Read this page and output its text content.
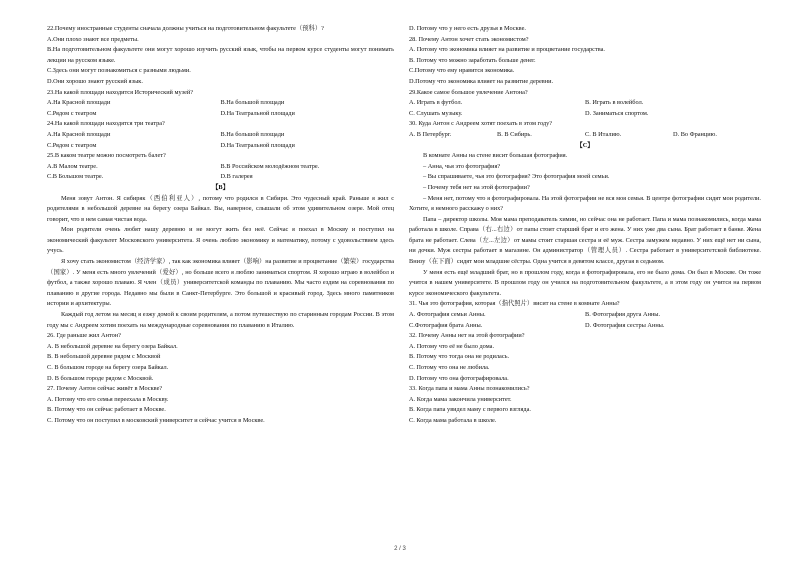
22.Почему иностранные студенты сначала должны учиться на подготовительном факультете（预科）?
A.Они плохо знают все предметы.
B.На подготовительном факультете они могут хорошо изучить русский язык, чтобы на первом курсе студенты могут понимать лекции на русском языке.
C.Здесь они могут познакомиться с разными людьми.
D.Они хорошо знают русский язык.
23.На какой площади находится Исторический музей?
A.На Красной площади	B.На большой площади
C.Рядом с театром	D.На Театральной площади
24.На какой площади находятся три театра?
A.На Красной площади	B.На большой площади
C.Рядом с театром	D.На Театральной площади
25.В каком театре можно посмотреть балет?
A.В Малом театре.	B.В Российском молодёжном театре.
C.В Большом театре.	D.В галерея
【B】
Меня зовут Антон. Я сибиряк（西伯利亚人）, потому что родился в Сибири. Это чудесный край. Раньше я жил с родителями в небольшой деревне на берегу озера Байкал. Вы, наверное, слышали об этом удивительном озере. Мой отец говорит, что в нем самая чистая вода.
Мои родители очень любят нашу деревню и не могут жить без неё. Сейчас я поехал в Москву и поступил на экономический факультет Московского университета. Я очень люблю экономику и математику, потому с удовольствием здесь учусь.
Я хочу стать экономистом（经济学家）, так как экономика влияет（影响）на развитие и процветание（繁荣）государства（国家）. У меня есть много увлечений（爱好）, но больше всего я люблю заниматься спортом. Я хорошо играю в волейбол и футбол, а также хорошо плаваю. Я член（成员）университетской команды по плаванию. Мы часто ездим на соревнования по плаванию в другие города. Недавно мы были в Санкт-Петербурге. Это большой и красивый город. Здесь много памятников истории и архитектуры.
Каждый год летом на месяц я езжу домой к своим родителям, а потом путешествую по старинным городам России. В этом году мы с Андреем хотим поехать на международные соревнования по плаванию в Италию.
26. Где раньше жил Антон?
A. В небольшой деревне на берегу озера Байкал.
B. В небольшой деревне рядом с Москвой
C. В большом городе на берегу озера Байкал.
D. В большом городе рядом с Москвой.
27. Почему Антон сейчас живёт в Москве?
A. Потому что его семья переехала в Москву.
B. Потому что он сейчас работает в Москве.
C. Потому что он поступил в московский университет и сейчас учится в Москве.
D. Потому что у него есть друзья в Москве.
28. Почему Антон хочет стать экономистом?
A. Потому что экономика влияет на развитие и процветание государства.
B. Потому что можно заработать больше денег.
C.Потому что ему нравится экономика.
D.Потому что экономика влияет на развитие деревни.
29.Какое самое большое увлечение Антона?
A. Играть в футбол.	B. Играть в волейбол.
C. Слушать музыку.	D. Заниматься спортом.
30. Куда Антон с Андреем хотят поехать в этом году?
A. В Петербург.	B. В Сибирь.	C. В Италию.	D. Во Францию.
【C】
В комнате Анны на стене висит большая фотография.
– Анна, чья это фотография?
– Вы спрашиваете, чья это фотография? Это фотография моей семьи.
– Почему тебя нет на этой фотографии?
– Меня нет, потому что я фотографировала. На этой фотографии не вся моя семья. В центре фотографии сидят мои родители. Хотите, я немного расскажу о них?
Папа – директор школы. Моя мама преподаватель химии, но сейчас она не работает. Папа и мама познакомились, когда мама работала в школе. Справа（右...右边）от папы стоит старший брат и его жена. У них уже два сына. Брат работает в банке. Жена брата не работает. Слева（左...左边）от мамы стоит старшая сестра и её муж. Сестра замужем недавно. У них ещё нет ни сына, ни дочки. Муж сестры работает в магазине. Он администратор（管理人员）. Сестра работает в университетской библиотеке. Внизу（在下面）сидят мои младшие сёстры. Одна учится в девятом классе, другая в седьмом.
У меня есть ещё младший брат, но в прошлом году, когда я фотографировала, его не было дома. Он был в Москве. Он тоже учится в нашем университете. В прошлом году он учился на подготовительном факультете, а в этом году он учится на первом курсе экономического факультета.
31. Чья это фотография, которая（指代照片）висит на стене в комнате Анны?
A. Фотография семьи Анны.	B. Фотография друга Анны.
C.Фотография брата Анны.	D. Фотография сестры Анны.
32. Почему Анны нет на этой фотографии?
A. Потому что её не было дома.
B. Потому что тогда она не родилась.
C. Потому что она не любила.
D. Потому что она фотографировала.
33. Когда папа и мама Анны познакомились?
A. Когда мама закончила университет.
B. Когда папа увидел маму с первого взгляда.
C. Когда мама работала в школе.
2 / 3
